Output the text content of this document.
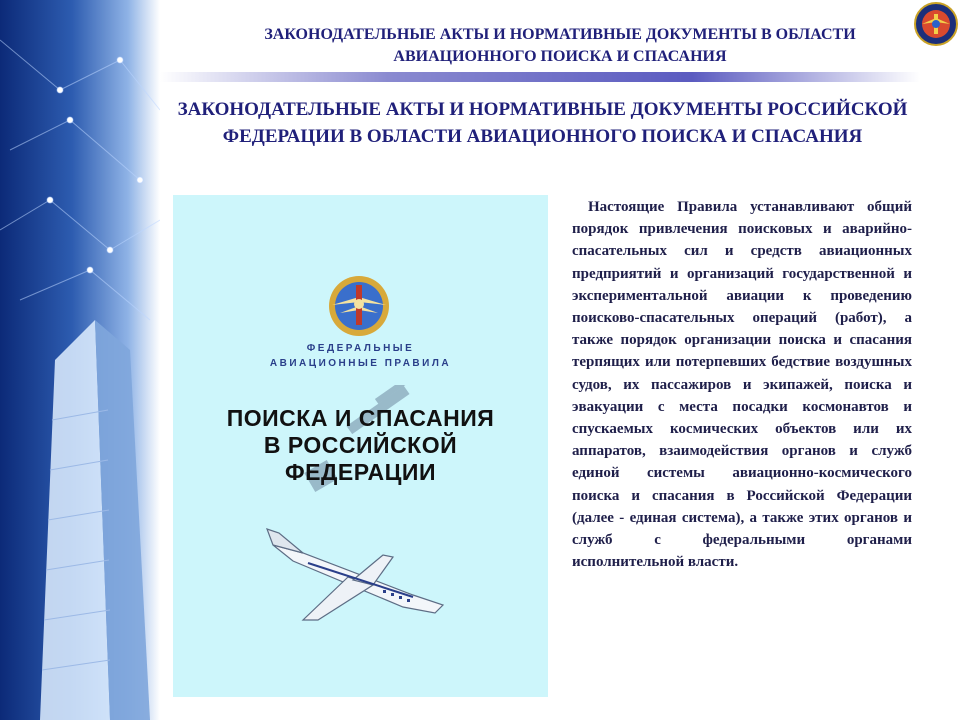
ЗАКОНОДАТЕЛЬНЫЕ АКТЫ И НОРМАТИВНЫЕ ДОКУМЕНТЫ В ОБЛАСТИ АВИАЦИОННОГО ПОИСКА И СПАСАНИЯ
ЗАКОНОДАТЕЛЬНЫЕ АКТЫ И НОРМАТИВНЫЕ ДОКУМЕНТЫ РОССИЙСКОЙ ФЕДЕРАЦИИ В ОБЛАСТИ АВИАЦИОННОГО ПОИСКА И СПАСАНИЯ
ФЕДЕРАЛЬНЫЕ
АВИАЦИОННЫЕ ПРАВИЛА
ПОИСКА И СПАСАНИЯ
В РОССИЙСКОЙ
ФЕДЕРАЦИИ

Настоящие Правила устанавливают общий порядок привлечения поисковых и аварийно-спасательных сил и средств авиационных предприятий и организаций государственной и экспериментальной авиации к проведению поисково-спасательных операций (работ), а также порядок организации поиска и спасания терпящих или потерпевших бедствие воздушных судов, их пассажиров и экипажей, поиска и эвакуации с места посадки космонавтов и спускаемых космических объектов или их аппаратов, взаимодействия органов и служб единой системы авиационно-космического поиска и спасания в Российской Федерации (далее - единая система), а также этих органов и служб с федеральными органами исполнительной власти.
